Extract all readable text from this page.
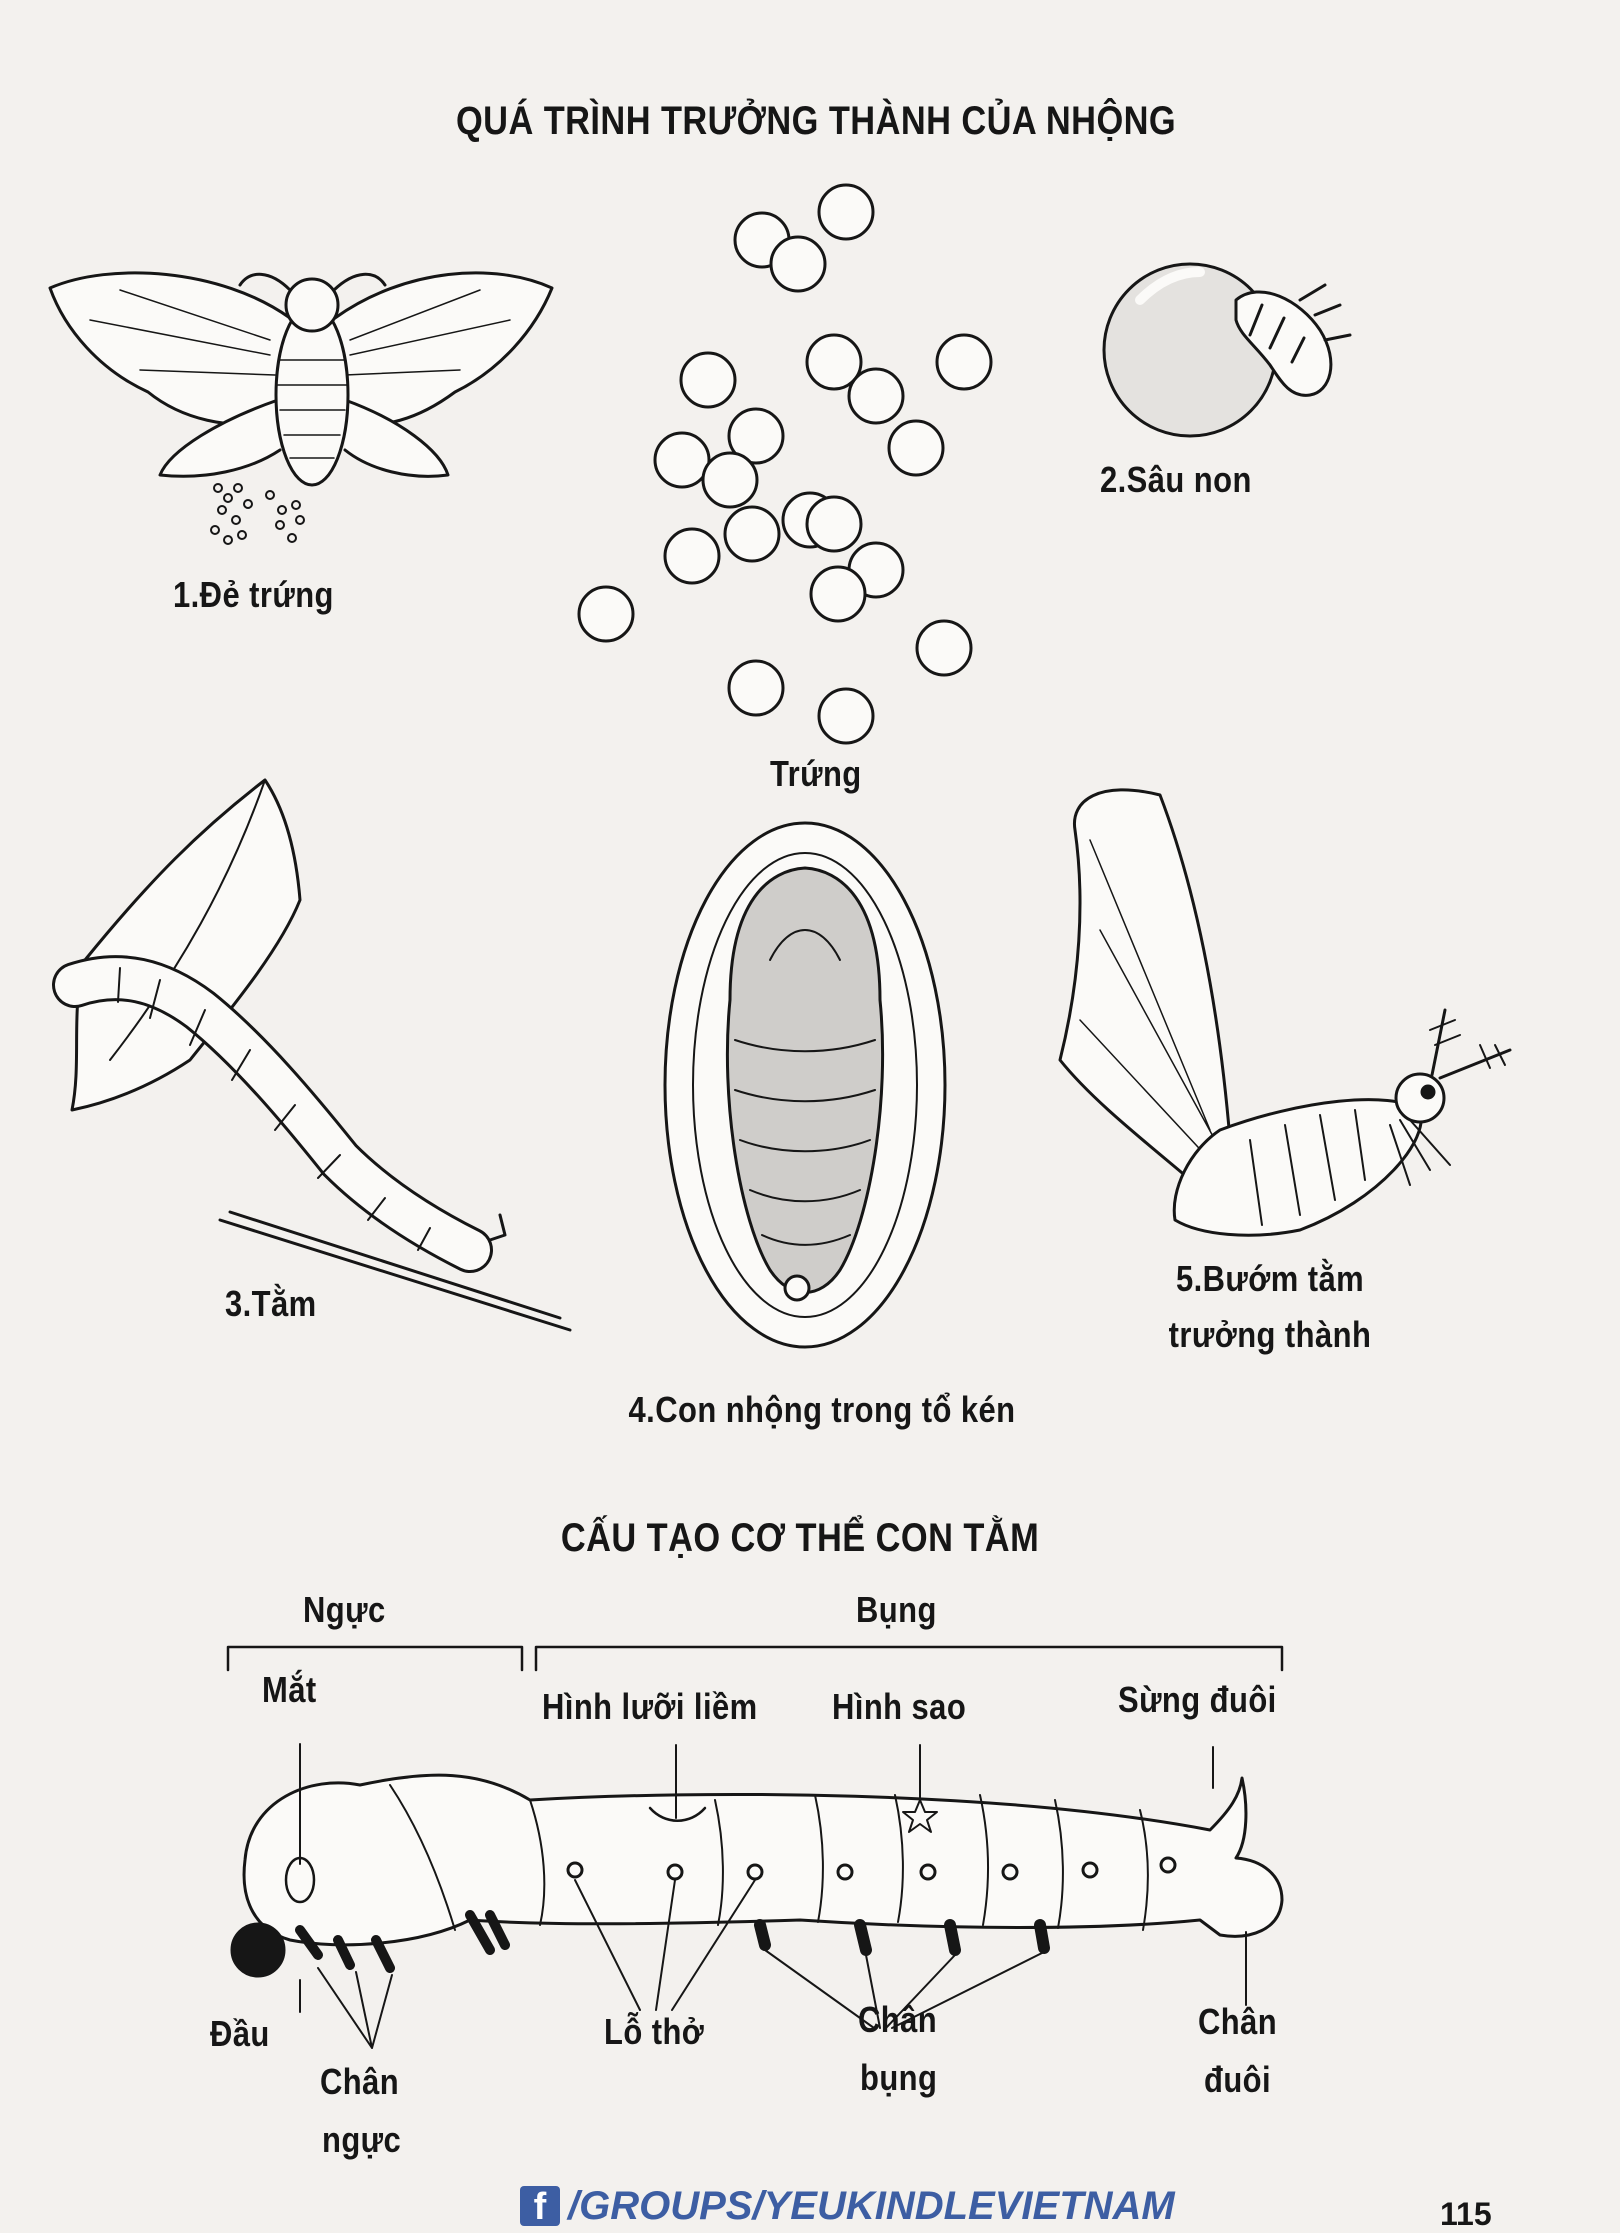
QUÁ TRÌNH TRƯỞNG THÀNH CỦA NHỘNG
1.Đẻ trứng
2.Sâu non
Trứng
3.Tằm
4.Con nhộng trong tổ kén
5.Bướm tằm
trưởng thành
CẤU TẠO CƠ THỂ CON TẰM
Ngực	Bụng
Mắt	Hình lưỡi liềm Hình sao	Sừng đuôi
Đầu
Chân
ngực
Lỗ thở	Chân
bụng
Chân
đuôi
f /GROUPS/YEUKINDLEVIETNAM	115
